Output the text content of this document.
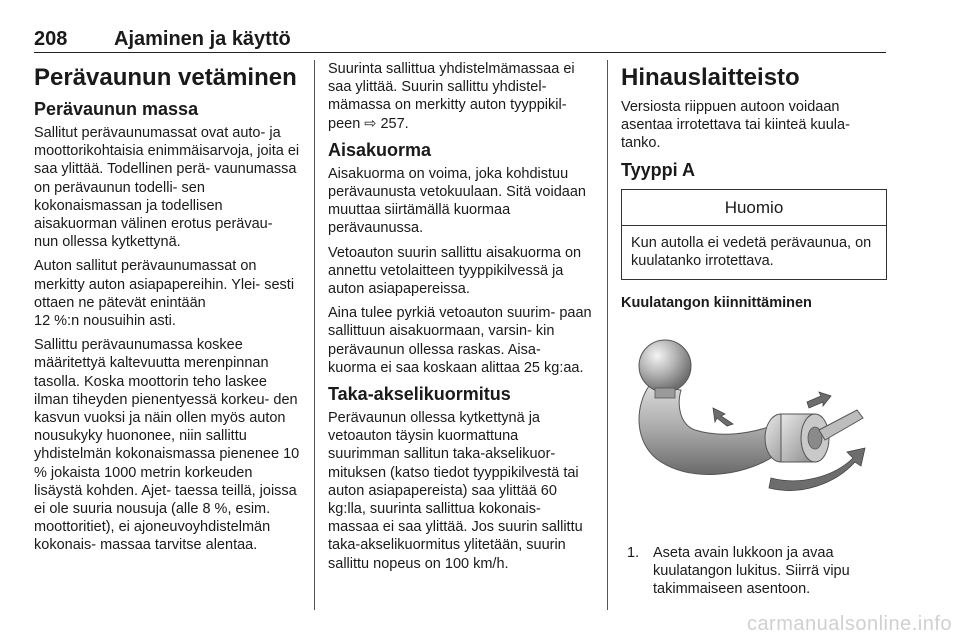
208 Ajaminen ja käyttö
Perävaunun vetäminen
Perävaunun massa

Sallitut perävaunumassat ovat auto- ja moottorikohtaisia enimmäisarvoja, joita ei saa ylittää. Todellinen perä- vaunumassa on perävaunun todelli- sen kokonaismassan ja todellisen aisakuorman välinen erotus perävau- nun ollessa kytkettynä.

Auton sallitut perävaunumassat on merkitty auton asiapapereihin. Ylei- sesti ottaen ne pätevät enintään 12 %:n nousuihin asti.

Sallittu perävaunumassa koskee määritettyä kaltevuutta merenpinnan tasolla. Koska moottorin teho laskee ilman tiheyden pienentyessä korkeu- den kasvun vuoksi ja näin ollen myös auton nousukyky huononee, niin sallittu yhdistelmän kokonaismassa pienenee 10 % jokaista 1000 metrin korkeuden lisäystä kohden. Ajet- taessa teillä, joissa ei ole suuria nousuja (alle 8 %, esim. moottoritiet), ei ajoneuvoyhdistelmän kokonais- massaa tarvitse alentaa.

Suurinta sallittua yhdistelmämassaa ei saa ylittää. Suurin sallittu yhdistel- mämassa on merkitty auton tyyppikil- peen ⇨ 257.

Aisakuorma

Aisakuorma on voima, joka kohdistuu perävaunusta vetokuulaan. Sitä voidaan muuttaa siirtämällä kuormaa perävaunussa.

Vetoauton suurin sallittu aisakuorma on annettu vetolaitteen tyyppikilvessä ja auton asiapapereissa.

Aina tulee pyrkiä vetoauton suurim- paan sallittuun aisakuormaan, varsin- kin perävaunun ollessa raskas. Aisa- kuorma ei saa koskaan alittaa 25 kg:aa.

Taka-akselikuormitus

Perävaunun ollessa kytkettynä ja vetoauton täysin kuormattuna suurimman sallitun taka-akselikuor- mituksen (katso tiedot tyyppikilvestä tai auton asiapapereista) saa ylittää 60 kg:lla, suurinta sallittua kokonais- massaa ei saa ylittää. Jos suurin sallittu taka-akselikuormitus ylitetään, suurin sallittu nopeus on 100 km/h.

Hinauslaitteisto

Versiosta riippuen autoon voidaan asentaa irrotettava tai kiinteä kuula- tanko.

Tyyppi A
Huomio
Kun autolla ei vedetä perävaunua, on kuulatanko irrotettava.
Kuulatangon kiinnittäminen
1. Aseta avain lukkoon ja avaa kuulatangon lukitus. Siirrä vipu takimmaiseen asentoon.
carmanualsonline.info
